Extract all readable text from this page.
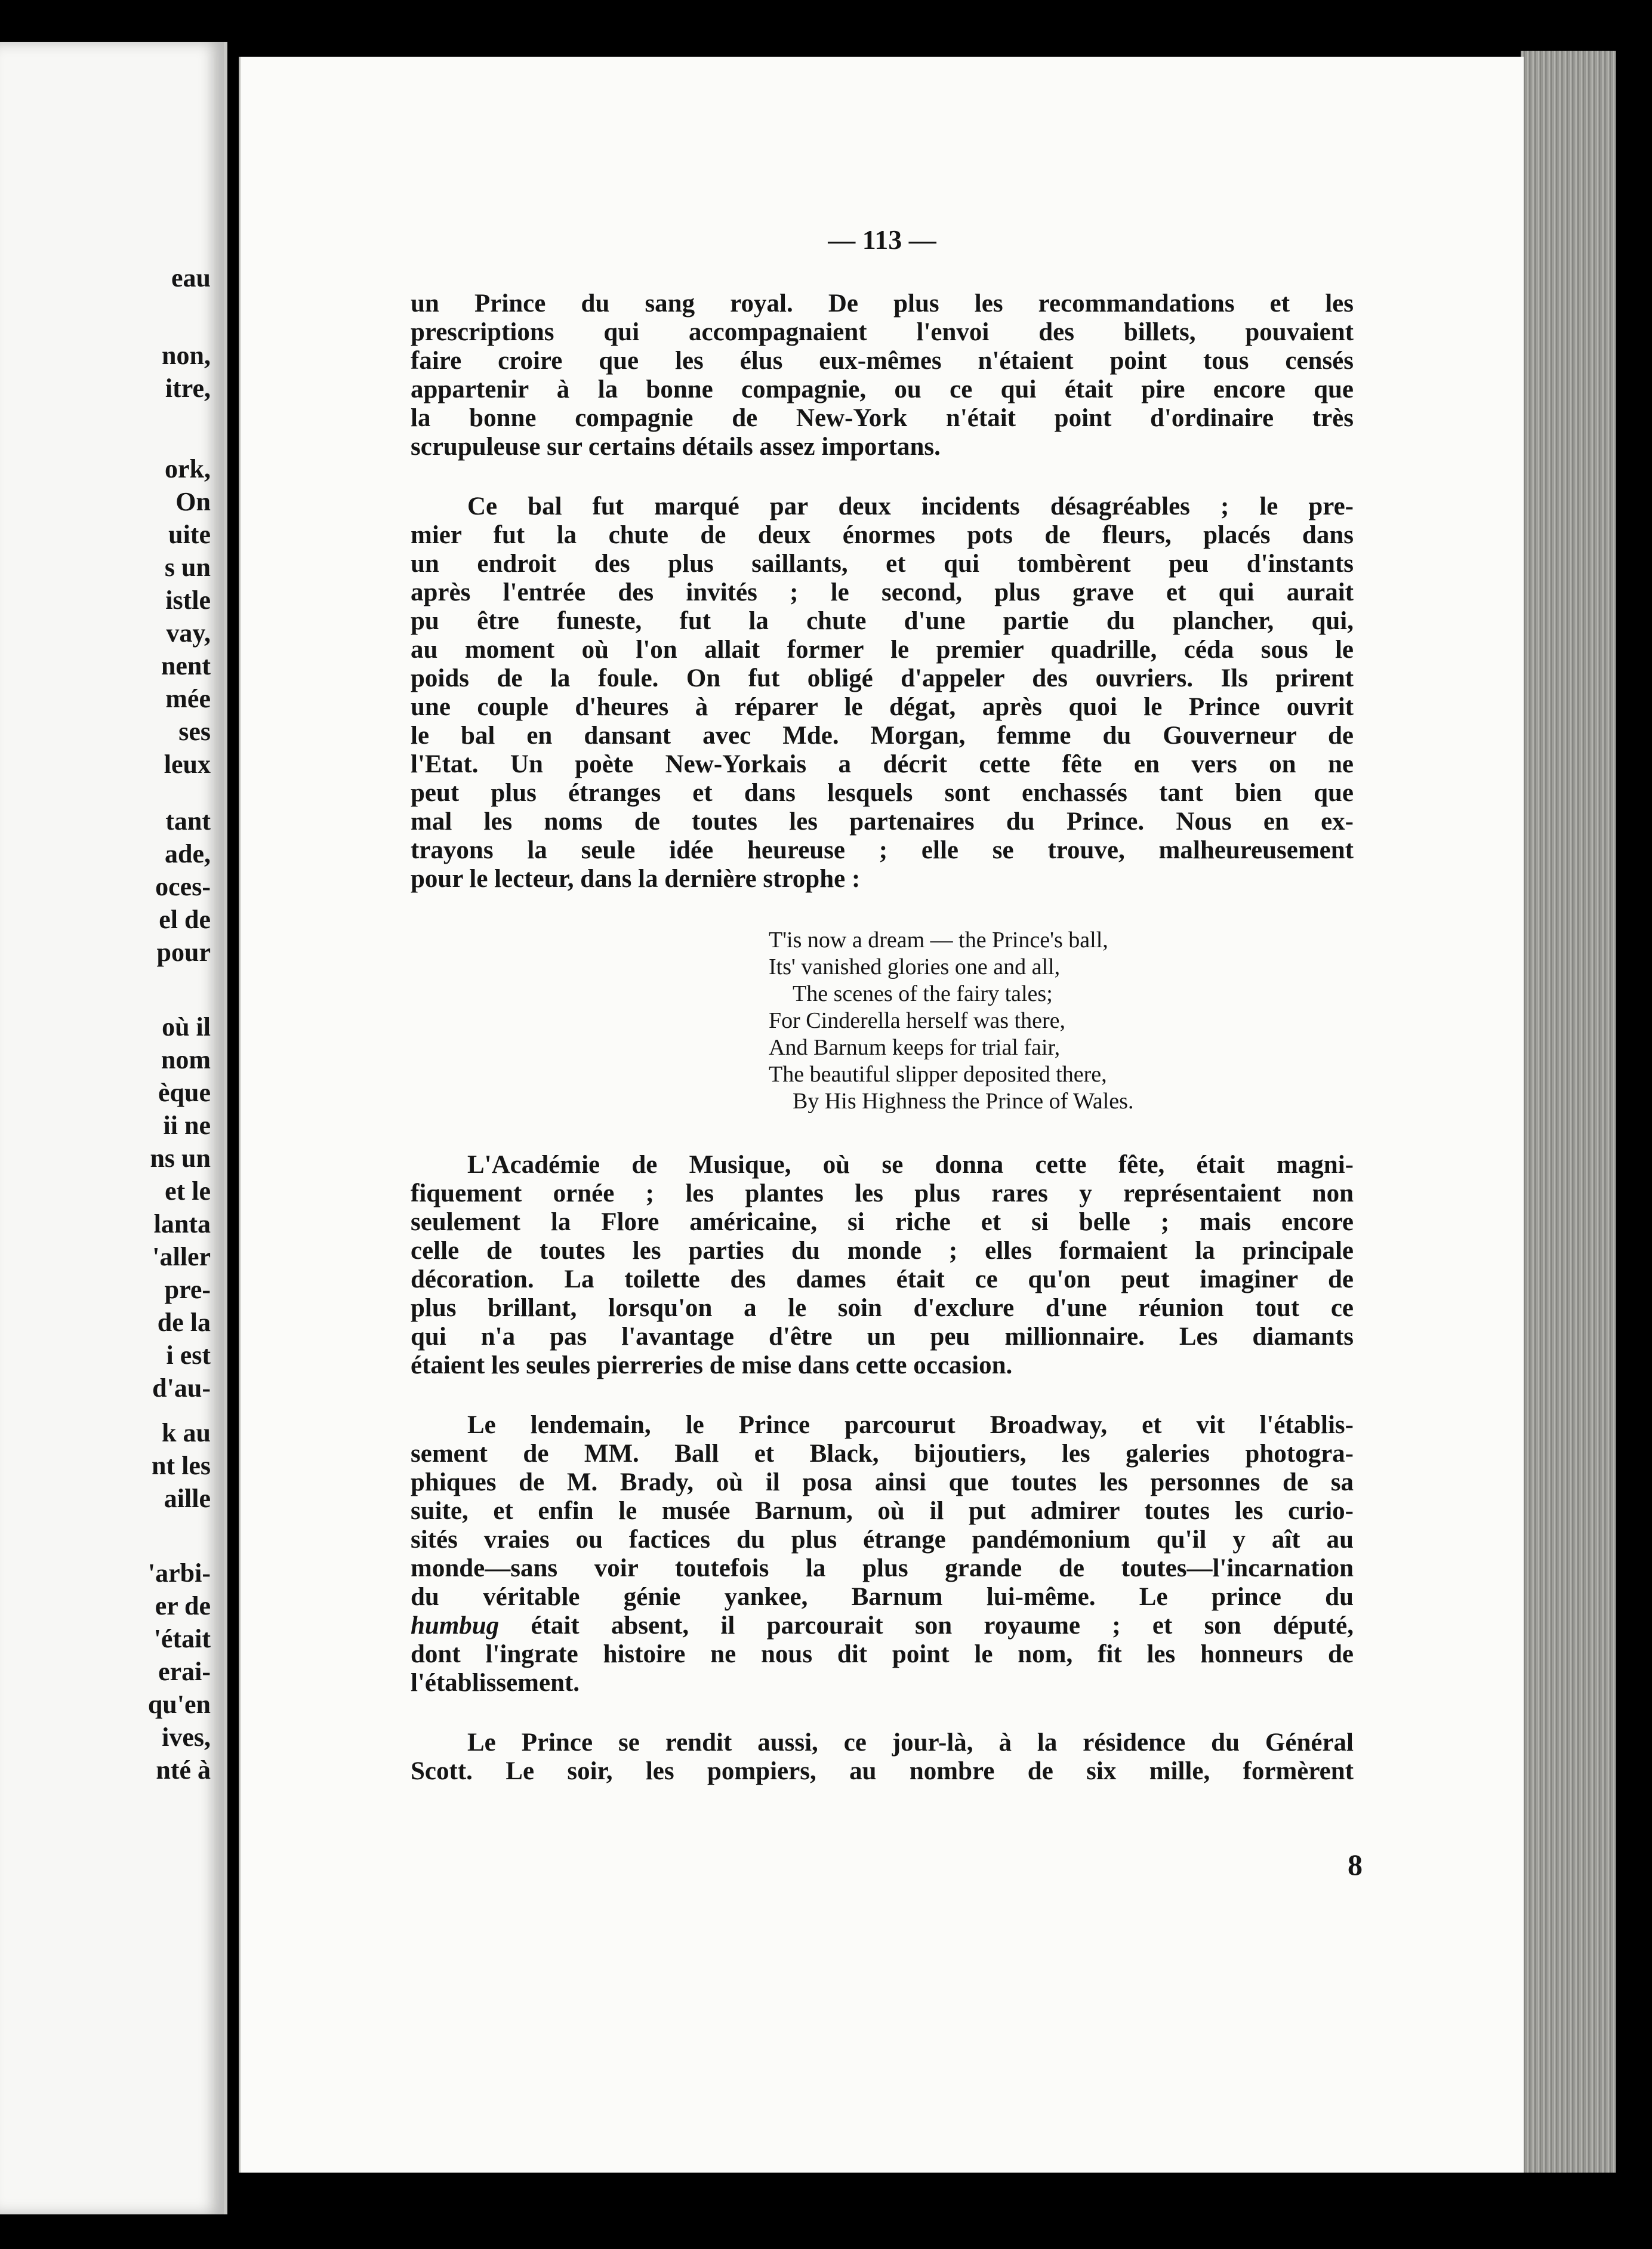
eau
non,
itre,
ork,
On
uite
s un
istle
vay,
nent
mée
ses
leux
tant
ade,
oces-
el de
pour
où il
nom
èque
ii ne
ns un
et le
lanta
'aller
pre-
de la
i est
d'au-
k au
nt les
aille
'arbi-
er de
'était
erai-
qu'en
ives,
nté à
— 113 —
un Prince du sang royal. De plus les recommandations et les
prescriptions qui accompagnaient l'envoi des billets, pouvaient
faire croire que les élus eux-mêmes n'étaient point tous censés
appartenir à la bonne compagnie, ou ce qui était pire encore que
la bonne compagnie de New-York n'était point d'ordinaire très
scrupuleuse sur certains détails assez importans.
Ce bal fut marqué par deux incidents désagréables ; le pre-
mier fut la chute de deux énormes pots de fleurs, placés dans
un endroit des plus saillants, et qui tombèrent peu d'instants
après l'entrée des invités ; le second, plus grave et qui aurait
pu être funeste, fut la chute d'une partie du plancher, qui,
au moment où l'on allait former le premier quadrille, céda sous le
poids de la foule. On fut obligé d'appeler des ouvriers. Ils prirent
une couple d'heures à réparer le dégat, après quoi le Prince ouvrit
le bal en dansant avec Mde. Morgan, femme du Gouverneur de
l'Etat. Un poète New-Yorkais a décrit cette fête en vers on ne
peut plus étranges et dans lesquels sont enchassés tant bien que
mal les noms de toutes les partenaires du Prince. Nous en ex-
trayons la seule idée heureuse ; elle se trouve, malheureusement
pour le lecteur, dans la dernière strophe :
T'is now a dream — the Prince's ball,
Its' vanished glories one and all,
The scenes of the fairy tales;
For Cinderella herself was there,
And Barnum keeps for trial fair,
The beautiful slipper deposited there,
By His Highness the Prince of Wales.
L'Académie de Musique, où se donna cette fête, était magni-
fiquement ornée ; les plantes les plus rares y représentaient non
seulement la Flore américaine, si riche et si belle ; mais encore
celle de toutes les parties du monde ; elles formaient la principale
décoration. La toilette des dames était ce qu'on peut imaginer de
plus brillant, lorsqu'on a le soin d'exclure d'une réunion tout ce
qui n'a pas l'avantage d'être un peu millionnaire. Les diamants
étaient les seules pierreries de mise dans cette occasion.
Le lendemain, le Prince parcourut Broadway, et vit l'établis-
sement de MM. Ball et Black, bijoutiers, les galeries photogra-
phiques de M. Brady, où il posa ainsi que toutes les personnes de sa
suite, et enfin le musée Barnum, où il put admirer toutes les curio-
sités vraies ou factices du plus étrange pandémonium qu'il y aît au
monde—sans voir toutefois la plus grande de toutes—l'incarnation
du véritable génie yankee, Barnum lui-même. Le prince du
humbug était absent, il parcourait son royaume ; et son député,
dont l'ingrate histoire ne nous dit point le nom, fit les honneurs de
l'établissement.
Le Prince se rendit aussi, ce jour-là, à la résidence du Général
Scott. Le soir, les pompiers, au nombre de six mille, formèrent
8
